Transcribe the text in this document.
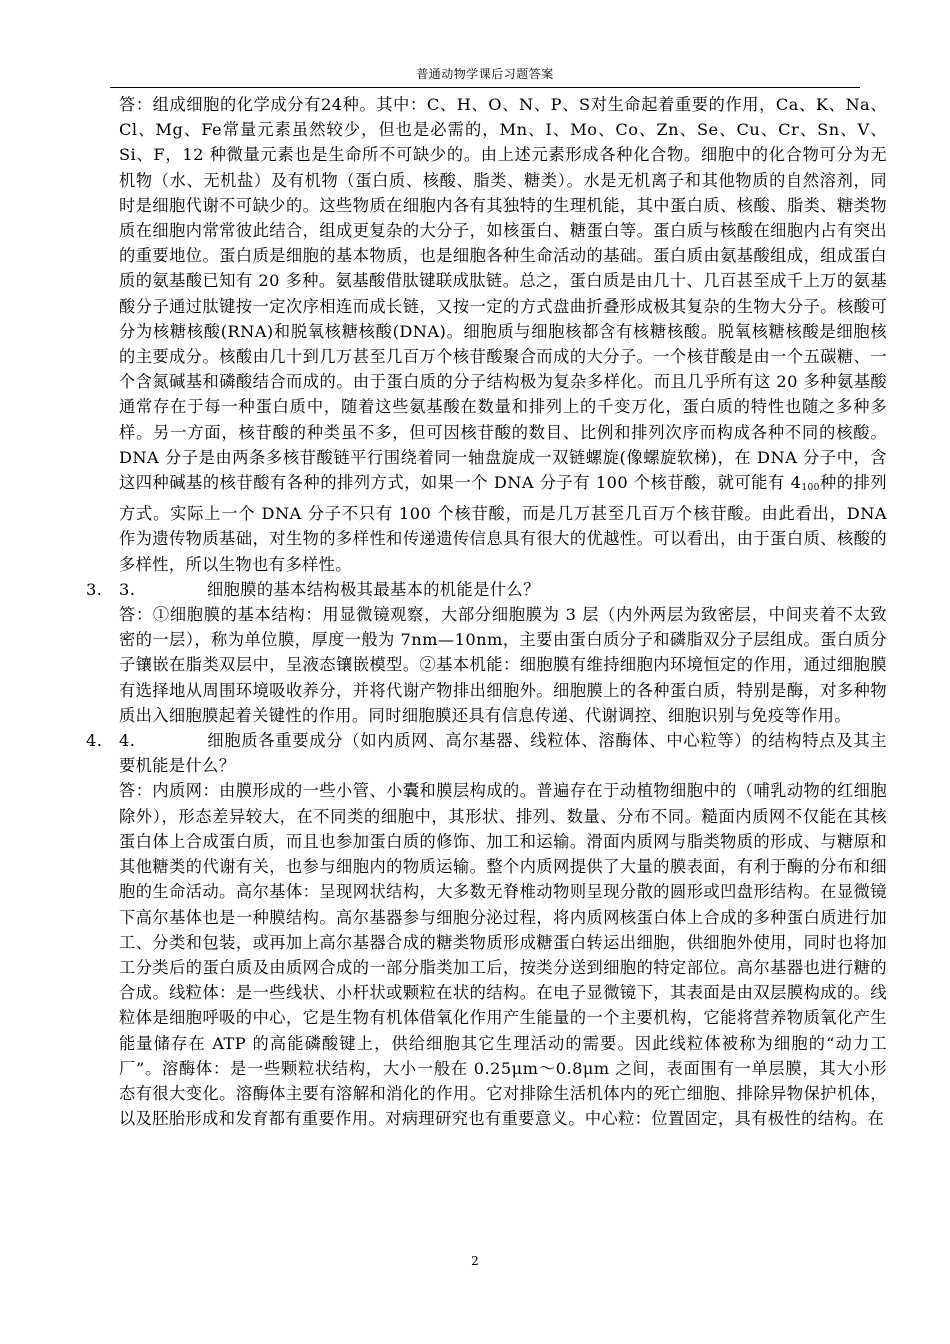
普通动物学课后习题答案

答：组成细胞的化学成分有24种。其中：C、H、O、N、P、S对生命起着重要的作用，Ca、K、Na、Cl、Mg、Fe常量元素虽然较少，但也是必需的，Mn、I、Mo、Co、Zn、Se、Cu、Cr、Sn、V、Si、F，12 种微量元素也是生命所不可缺少的。由上述元素形成各种化合物。细胞中的化合物可分为无机物（水、无机盐）及有机物（蛋白质、核酸、脂类、糖类）。水是无机离子和其他物质的自然溶剂，同时是细胞代谢不可缺少的。这些物质在细胞内各有其独特的生理机能，其中蛋白质、核酸、脂类、糖类物质在细胞内常常彼此结合，组成更复杂的大分子，如核蛋白、糖蛋白等。蛋白质与核酸在细胞内占有突出的重要地位。蛋白质是细胞的基本物质，也是细胞各种生命活动的基础。蛋白质由氨基酸组成，组成蛋白质的氨基酸已知有 20 多种。氨基酸借肽键联成肽链。总之，蛋白质是由几十、几百甚至成千上万的氨基酸分子通过肽键按一定次序相连而成长链，又按一定的方式盘曲折叠形成极其复杂的生物大分子。核酸可分为核糖核酸(RNA)和脱氧核糖核酸(DNA)。细胞质与细胞核都含有核糖核酸。脱氧核糖核酸是细胞核的主要成分。核酸由几十到几万甚至几百万个核苷酸聚合而成的大分子。一个核苷酸是由一个五碳糖、一个含氮碱基和磷酸结合而成的。由于蛋白质的分子结构极为复杂多样化。而且几乎所有这 20 多种氨基酸通常存在于每一种蛋白质中，随着这些氨基酸在数量和排列上的千变万化，蛋白质的特性也随之多种多样。另一方面，核苷酸的种类虽不多，但可因核苷酸的数目、比例和排列次序而构成各种不同的核酸。DNA 分子是由两条多核苷酸链平行围绕着同一轴盘旋成一双链螺旋(像螺旋软梯)，在 DNA 分子中，含这四种碱基的核苷酸有各种的排列方式，如果一个 DNA 分子有 100 个核苷酸，就可能有 $4_{100}$种的排列方式。实际上一个 DNA 分子不只有 100 个核苷酸，而是几万甚至几百万个核苷酸。由此看出，DNA 作为遗传物质基础，对生物的多样性和传递遗传信息具有很大的优越性。可以看出，由于蛋白质、核酸的多样性，所以生物也有多样性。

3. 3.	细胞膜的基本结构极其最基本的机能是什么？

答：①细胞膜的基本结构：用显微镜观察，大部分细胞膜为 3 层（内外两层为致密层，中间夹着不太致密的一层），称为单位膜，厚度一般为 7nm—10nm，主要由蛋白质分子和磷脂双分子层组成。蛋白质分子镶嵌在脂类双层中，呈液态镶嵌模型。②基本机能：细胞膜有维持细胞内环境恒定的作用，通过细胞膜有选择地从周围环境吸收养分，并将代谢产物排出细胞外。细胞膜上的各种蛋白质，特别是酶，对多种物质出入细胞膜起着关键性的作用。同时细胞膜还具有信息传递、代谢调控、细胞识别与免疫等作用。

4. 4.	细胞质各重要成分（如内质网、高尔基器、线粒体、溶酶体、中心粒等）的结构特点及其主要机能是什么？

答：内质网：由膜形成的一些小管、小囊和膜层构成的。普遍存在于动植物细胞中的（哺乳动物的红细胞除外），形态差异较大，在不同类的细胞中，其形状、排列、数量、分布不同。糙面内质网不仅能在其核蛋白体上合成蛋白质，而且也参加蛋白质的修饰、加工和运输。滑面内质网与脂类物质的形成、与糖原和其他糖类的代谢有关，也参与细胞内的物质运输。整个内质网提供了大量的膜表面，有利于酶的分布和细胞的生命活动。高尔基体：呈现网状结构，大多数无脊椎动物则呈现分散的圆形或凹盘形结构。在显微镜下高尔基体也是一种膜结构。高尔基器参与细胞分泌过程，将内质网核蛋白体上合成的多种蛋白质进行加工、分类和包装，或再加上高尔基器合成的糖类物质形成糖蛋白转运出细胞，供细胞外使用，同时也将加工分类后的蛋白质及由质网合成的一部分脂类加工后，按类分送到细胞的特定部位。高尔基器也进行糖的合成。线粒体：是一些线状、小杆状或颗粒在状的结构。在电子显微镜下，其表面是由双层膜构成的。线粒体是细胞呼吸的中心，它是生物有机体借氧化作用产生能量的一个主要机构，它能将营养物质氧化产生能量储存在 ATP 的高能磷酸键上，供给细胞其它生理活动的需要。因此线粒体被称为细胞的“动力工厂”。溶酶体：是一些颗粒状结构，大小一般在 0.25μm～0.8μm 之间，表面围有一单层膜，其大小形态有很大变化。溶酶体主要有溶解和消化的作用。它对排除生活机体内的死亡细胞、排除异物保护机体，以及胚胎形成和发育都有重要作用。对病理研究也有重要意义。中心粒：位置固定，具有极性的结构。在

2
